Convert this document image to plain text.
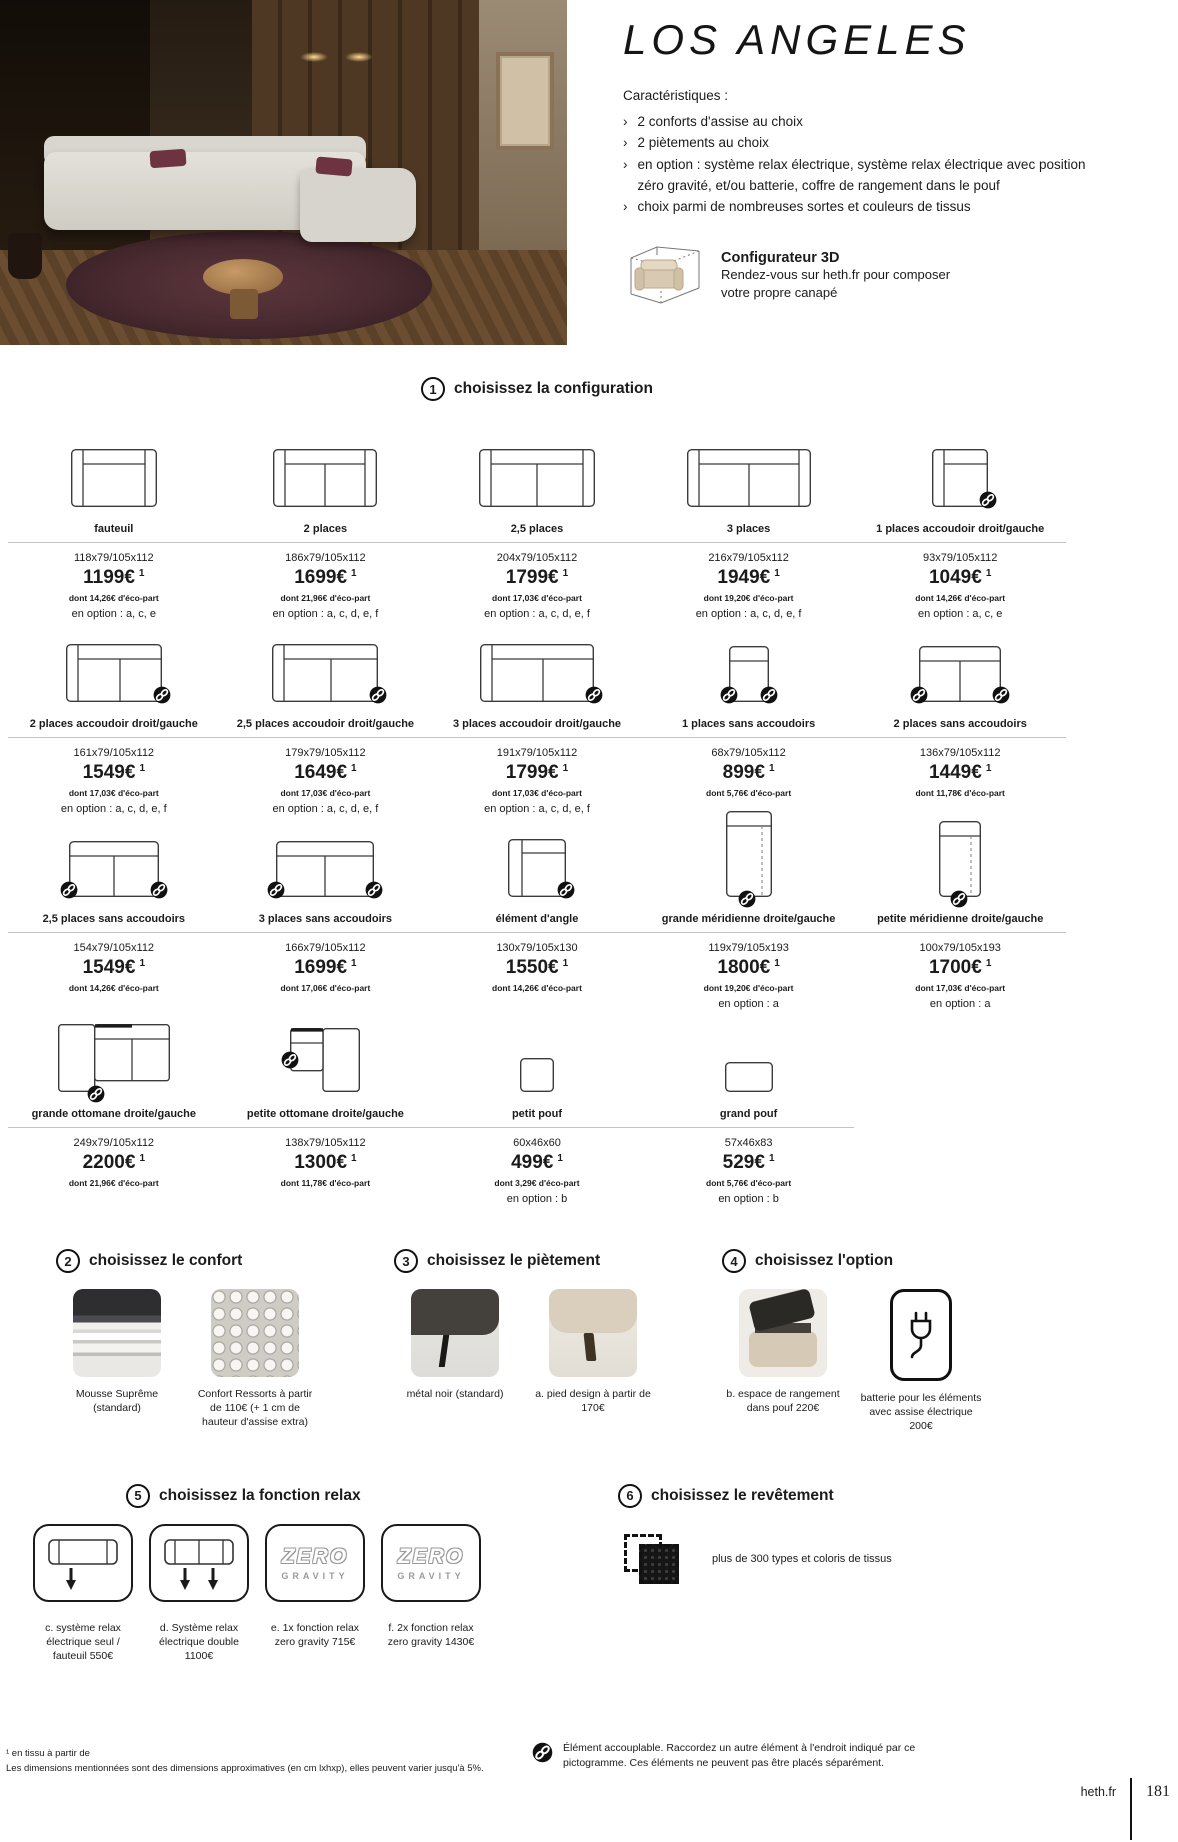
LOS ANGELES
Caractéristiques :
› 2 conforts d'assise au choix
› 2 piètements au choix
› en option : système relax électrique, système relax électrique avec position zéro gravité, et/ou batterie, coffre de rangement dans le pouf
› choix parmi de nombreuses sortes et couleurs de tissus
Configurateur 3D
Rendez-vous sur heth.fr pour composer votre propre canapé
1	choisissez la configuration
fauteuil
118x79/105x112
1199€ $^1$
dont 14,26€ d'éco-part
en option : a, c, e
2 places
186x79/105x112
1699€ $^1$
dont 21,96€ d'éco-part
en option : a, c, d, e, f
2,5 places
204x79/105x112
1799€ $^1$
dont 17,03€ d'éco-part
en option : a, c, d, e, f
3 places
216x79/105x112
1949€ $^1$
dont 19,20€ d'éco-part
en option : a, c, d, e, f
1 places accoudoir droit/gauche
93x79/105x112
1049€ $^1$
dont 14,26€ d'éco-part
en option : a, c, e
2 places accoudoir droit/gauche
161x79/105x112
1549€ $^1$
dont 17,03€ d'éco-part
en option : a, c, d, e, f
2,5 places accoudoir droit/gauche
179x79/105x112
1649€ $^1$
dont 17,03€ d'éco-part
en option : a, c, d, e, f
3 places accoudoir droit/gauche
191x79/105x112
1799€ $^1$
dont 17,03€ d'éco-part
en option : a, c, d, e, f
1 places sans accoudoirs
68x79/105x112
899€ $^1$
dont 5,76€ d'éco-part
2 places sans accoudoirs
136x79/105x112
1449€ $^1$
dont 11,78€ d'éco-part
2,5 places sans accoudoirs
154x79/105x112
1549€ $^1$
dont 14,26€ d'éco-part
3 places sans accoudoirs
166x79/105x112
1699€ $^1$
dont 17,06€ d'éco-part
élément d'angle
130x79/105x130
1550€ $^1$
dont 14,26€ d'éco-part
grande méridienne droite/gauche
119x79/105x193
1800€ $^1$
dont 19,20€ d'éco-part
en option : a
petite méridienne droite/gauche
100x79/105x193
1700€ $^1$
dont 17,03€ d'éco-part
en option : a
grande ottomane droite/gauche
249x79/105x112
2200€ $^1$
dont 21,96€ d'éco-part
petite ottomane droite/gauche
138x79/105x112
1300€ $^1$
dont 11,78€ d'éco-part
petit pouf
60x46x60
499€ $^1$
dont 3,29€ d'éco-part
en option : b
grand pouf
57x46x83
529€ $^1$
dont 5,76€ d'éco-part
en option : b
2	choisissez le confort
Mousse Suprême (standard)
Confort Ressorts à partir de 110€ (+ 1 cm de hauteur d'assise extra)
3	choisissez le piètement
métal noir (standard)	a. pied design à partir de 170€
4	choisissez l'option
b. espace de rangement dans pouf 220€
batterie pour les éléments avec assise électrique 200€
5	choisissez la fonction relax
c. système relax électrique seul / fauteuil 550€
d. Système relax électrique double 1100€
ZERO
GRAVITY
e. 1x fonction relax zero gravity 715€
ZERO
GRAVITY
f. 2x fonction relax zero gravity 1430€
6	choisissez le revêtement
plus de 300 types et coloris de tissus
¹ en tissu à partir de
Les dimensions mentionnées sont des dimensions approximatives (en cm lxhxp), elles peuvent varier jusqu'à 5%.
Élément accouplable. Raccordez un autre élément à l'endroit indiqué par ce pictogramme. Ces éléments ne peuvent pas être placés séparément.
heth.fr 181
